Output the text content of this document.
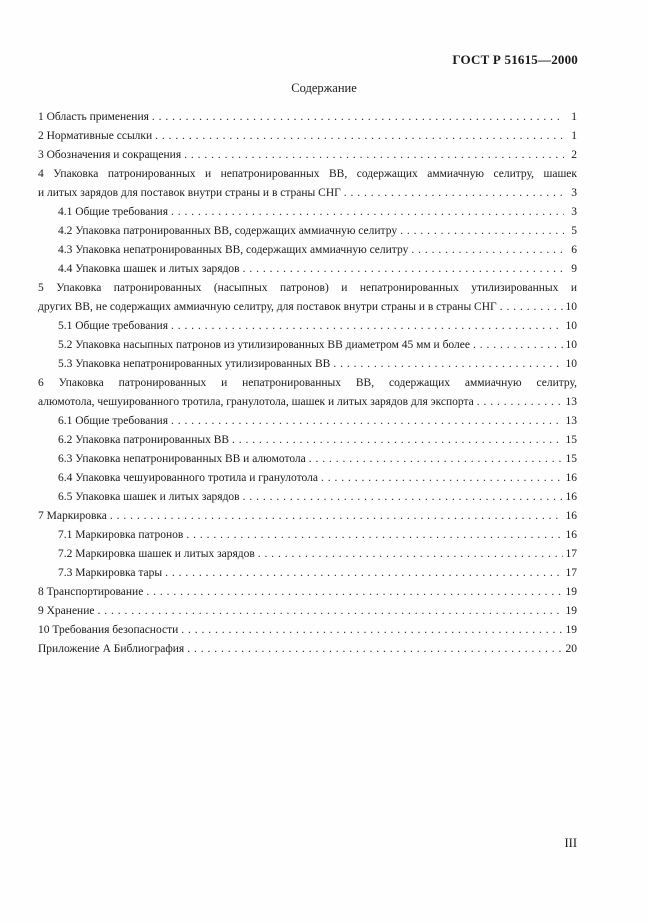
ГОСТ Р 51615—2000
Содержание
1 Область применения . . .	1
2 Нормативные ссылки . . .	1
3 Обозначения и сокращения . . .	2
4 Упаковка патронированных и непатронированных ВВ, содержащих аммиачную селитру, шашек
и литых зарядов для поставок внутри страны и в страны СНГ . . .	3
4.1 Общие требования . . .	3
4.2 Упаковка патронированных ВВ, содержащих аммиачную селитру . . .	5
4.3 Упаковка непатронированных ВВ, содержащих аммиачную селитру . . .	6
4.4 Упаковка шашек и литых зарядов . . .	9
5 Упаковка патронированных (насыпных патронов) и непатронированных утилизированных и
других ВВ, не содержащих аммиачную селитру, для поставок внутри страны и в страны СНГ . . .	10
5.1 Общие требования . . .	10
5.2 Упаковка насыпных патронов из утилизированных ВВ диаметром 45 мм и более . . .	10
5.3 Упаковка непатронированных утилизированных ВВ . . .	10
6 Упаковка патронированных и непатронированных ВВ, содержащих аммиачную селитру,
алюмотола, чешуированного тротила, гранулотола, шашек и литых зарядов для экспорта . . .	13
6.1 Общие требования . . .	13
6.2 Упаковка патронированных ВВ . . .	15
6.3 Упаковка непатронированных ВВ и алюмотола . . .	15
6.4 Упаковка чешуированного тротила и гранулотола . . .	16
6.5 Упаковка шашек и литых зарядов . . .	16
7 Маркировка . . .	16
7.1 Маркировка патронов . . .	16
7.2 Маркировка шашек и литых зарядов . . .	17
7.3 Маркировка тары . . .	17
8 Транспортирование . . .	19
9 Хранение . . .	19
10 Требования безопасности . . .	19
Приложение А Библиография . . .	20
III
